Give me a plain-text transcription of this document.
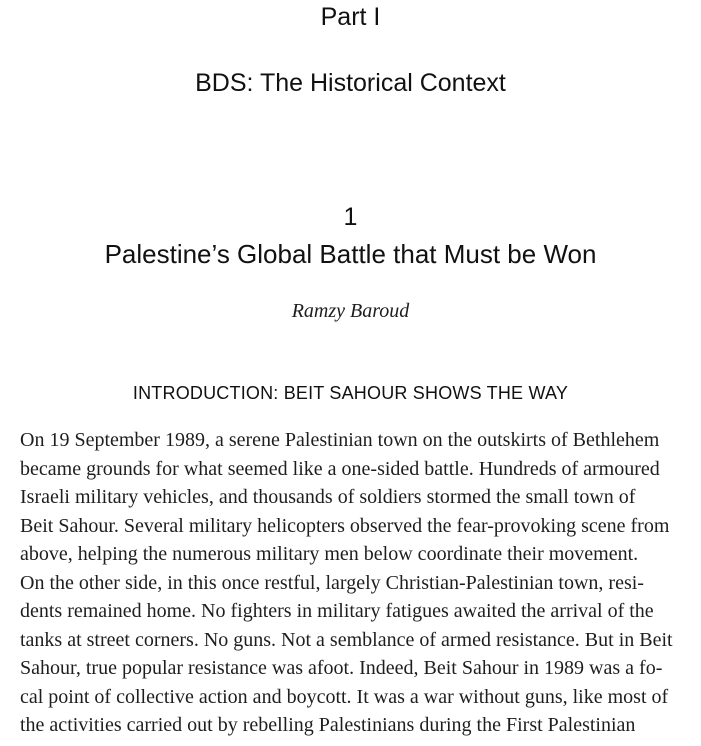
Part I
BDS: The Historical Context
1
Palestine’s Global Battle that Must be Won
Ramzy Baroud
INTRODUCTION: BEIT SAHOUR SHOWS THE WAY
On 19 September 1989, a serene Palestinian town on the outskirts of Bethlehem
became grounds for what seemed like a one-sided battle. Hundreds of armoured
Israeli military vehicles, and thousands of soldiers stormed the small town of
Beit Sahour. Several military helicopters observed the fear-provoking scene from
above, helping the numerous military men below coordinate their movement.
On the other side, in this once restful, largely Christian-Palestinian town, resi-
dents remained home. No fighters in military fatigues awaited the arrival of the
tanks at street corners. No guns. Not a semblance of armed resistance. But in Beit
Sahour, true popular resistance was afoot. Indeed, Beit Sahour in 1989 was a fo-
cal point of collective action and boycott. It was a war without guns, like most of
the activities carried out by rebelling Palestinians during the First Palestinian
